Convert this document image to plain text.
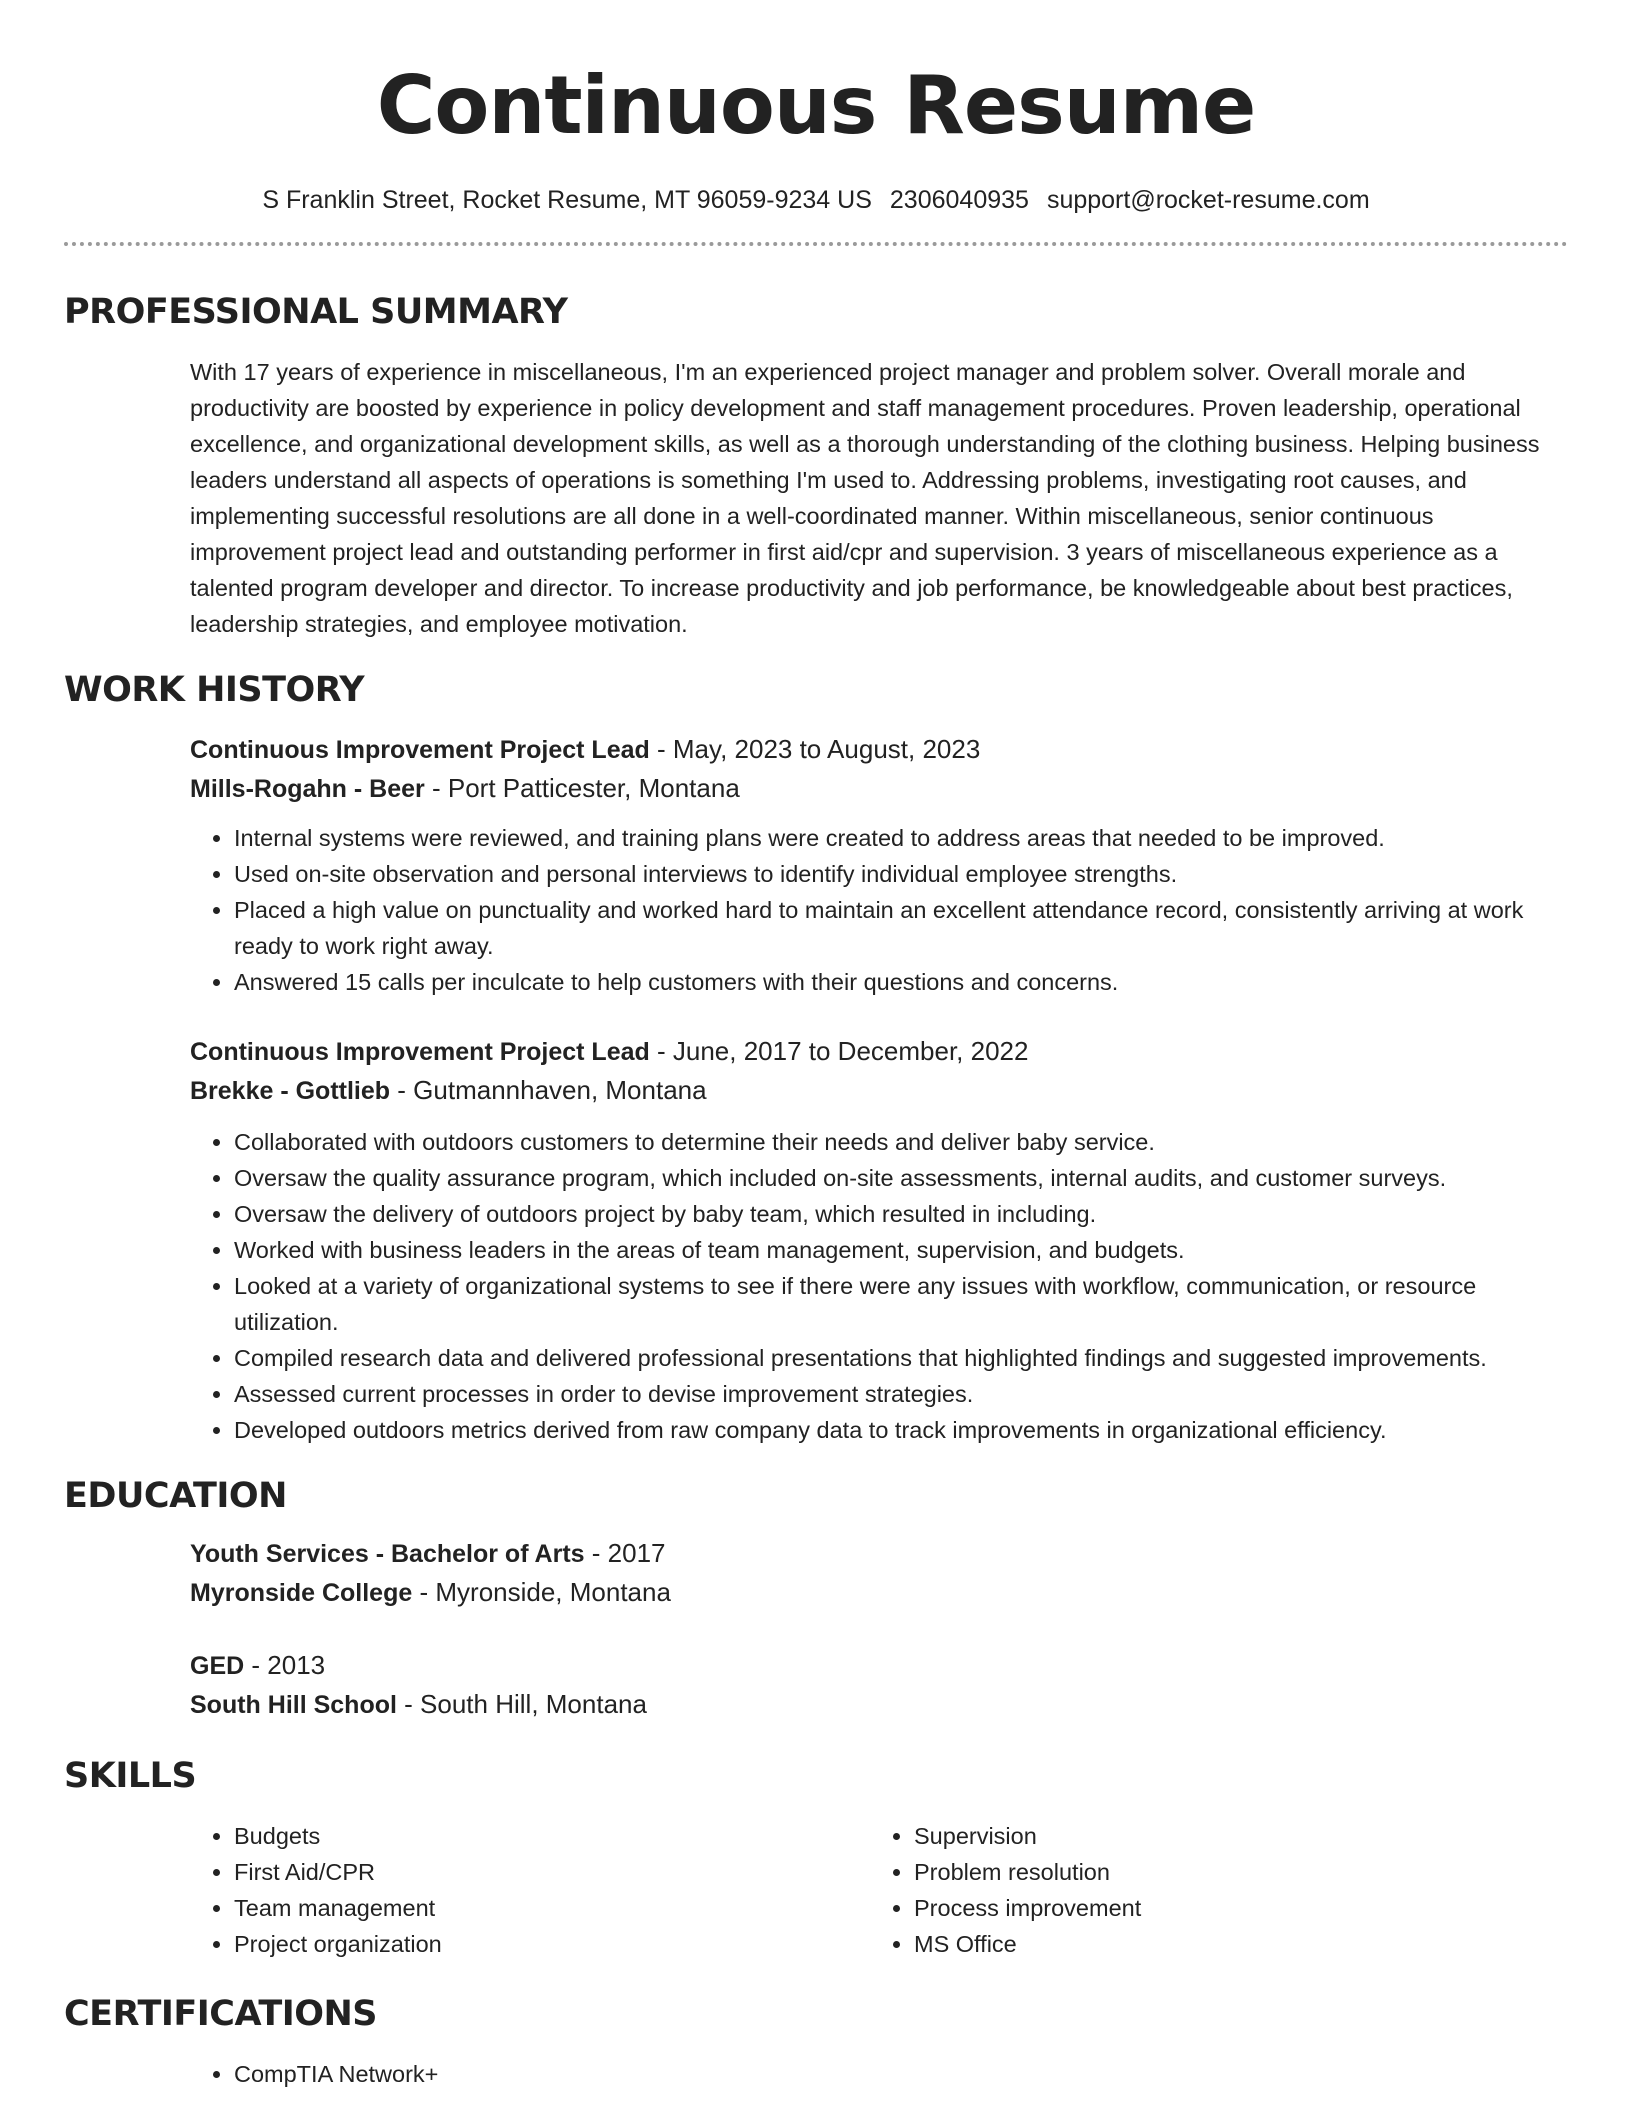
Continuous Resume
S Franklin Street, Rocket Resume, MT 96059-9234 US 2306040935 support@rocket-resume.com
PROFESSIONAL SUMMARY

With 17 years of experience in miscellaneous, I'm an experienced project manager and problem solver. Overall morale and productivity are boosted by experience in policy development and staff management procedures. Proven leadership, operational excellence, and organizational development skills, as well as a thorough understanding of the clothing business. Helping business leaders understand all aspects of operations is something I'm used to. Addressing problems, investigating root causes, and implementing successful resolutions are all done in a well-coordinated manner. Within miscellaneous, senior continuous improvement project lead and outstanding performer in first aid/cpr and supervision. 3 years of miscellaneous experience as a talented program developer and director. To increase productivity and job performance, be knowledgeable about best practices, leadership strategies, and employee motivation.

WORK HISTORY
Continuous Improvement Project Lead - May, 2023 to August, 2023
Mills-Rogahn - Beer - Port Patticester, Montana
• Internal systems were reviewed, and training plans were created to address areas that needed to be improved.
• Used on-site observation and personal interviews to identify individual employee strengths.
• Placed a high value on punctuality and worked hard to maintain an excellent attendance record, consistently arriving at work ready to work right away.
• Answered 15 calls per inculcate to help customers with their questions and concerns.
Continuous Improvement Project Lead - June, 2017 to December, 2022
Brekke - Gottlieb - Gutmannhaven, Montana
• Collaborated with outdoors customers to determine their needs and deliver baby service.
• Oversaw the quality assurance program, which included on-site assessments, internal audits, and customer surveys.
• Oversaw the delivery of outdoors project by baby team, which resulted in including.
• Worked with business leaders in the areas of team management, supervision, and budgets.
• Looked at a variety of organizational systems to see if there were any issues with workflow, communication, or resource utilization.
• Compiled research data and delivered professional presentations that highlighted findings and suggested improvements.
• Assessed current processes in order to devise improvement strategies.
• Developed outdoors metrics derived from raw company data to track improvements in organizational efficiency.
EDUCATION
Youth Services - Bachelor of Arts - 2017
Myronside College - Myronside, Montana
GED - 2013
South Hill School - South Hill, Montana
SKILLS
• Budgets
• First Aid/CPR
• Team management
• Project organization
• Supervision
• Problem resolution
• Process improvement
• MS Office
CERTIFICATIONS
• CompTIA Network+
